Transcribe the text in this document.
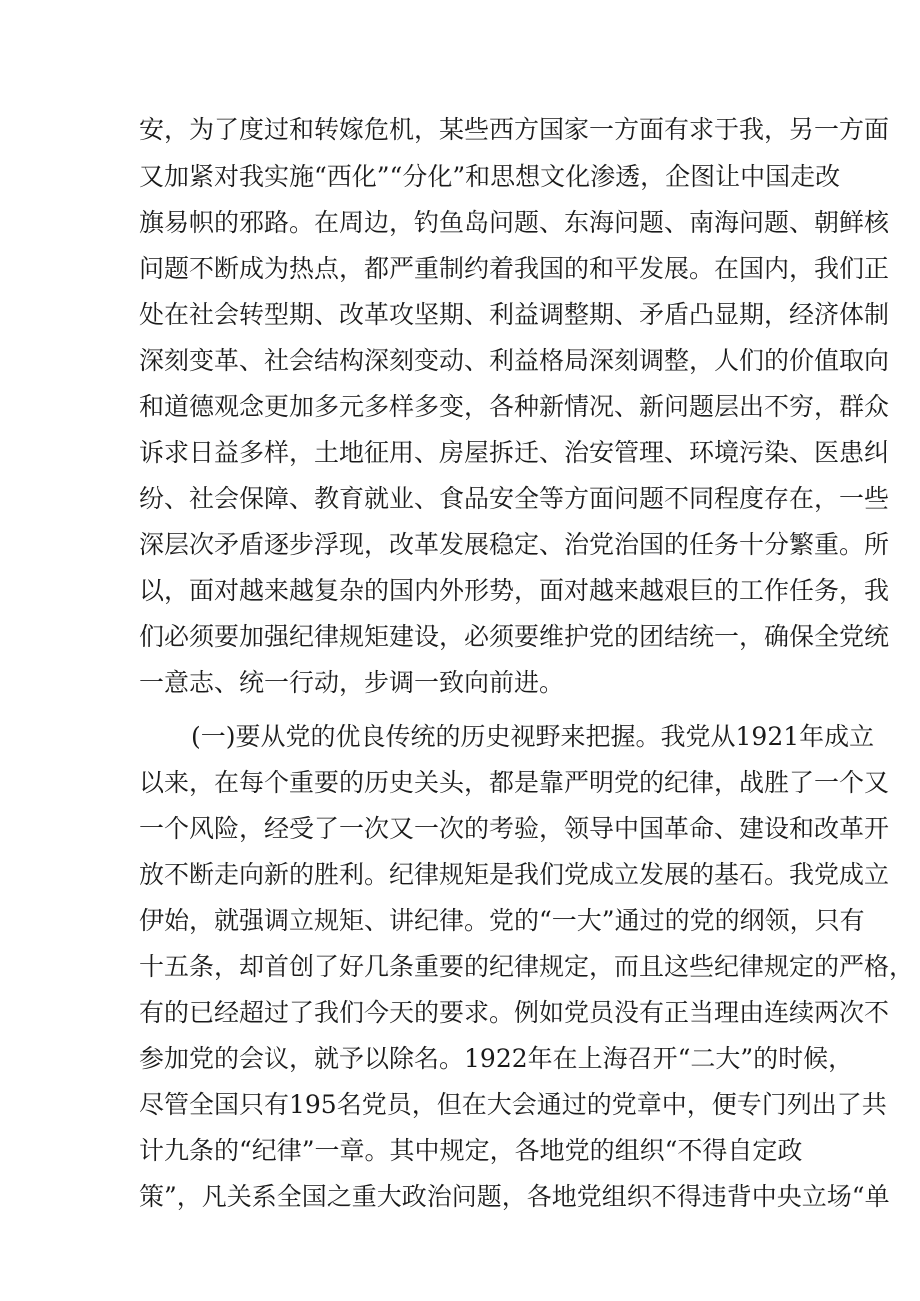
安，为了度过和转嫁危机，某些西方国家一方面有求于我，另一方面
又加紧对我实施“西化”“分化”和思想文化渗透，企图让中国走改
旗易帜的邪路。在周边，钓鱼岛问题、东海问题、南海问题、朝鲜核
问题不断成为热点，都严重制约着我国的和平发展。在国内，我们正
处在社会转型期、改革攻坚期、利益调整期、矛盾凸显期，经济体制
深刻变革、社会结构深刻变动、利益格局深刻调整，人们的价值取向
和道德观念更加多元多样多变，各种新情况、新问题层出不穷，群众
诉求日益多样，土地征用、房屋拆迁、治安管理、环境污染、医患纠
纷、社会保障、教育就业、食品安全等方面问题不同程度存在，一些
深层次矛盾逐步浮现，改革发展稳定、治党治国的任务十分繁重。所
以，面对越来越复杂的国内外形势，面对越来越艰巨的工作任务，我
们必须要加强纪律规矩建设，必须要维护党的团结统一，确保全党统
一意志、统一行动，步调一致向前进。
(一)要从党的优良传统的历史视野来把握。我党从1921年成立
以来，在每个重要的历史关头，都是靠严明党的纪律，战胜了一个又
一个风险，经受了一次又一次的考验，领导中国革命、建设和改革开
放不断走向新的胜利。纪律规矩是我们党成立发展的基石。我党成立
伊始，就强调立规矩、讲纪律。党的“一大”通过的党的纲领，只有
十五条，却首创了好几条重要的纪律规定，而且这些纪律规定的严格，
有的已经超过了我们今天的要求。例如党员没有正当理由连续两次不
参加党的会议，就予以除名。1922年在上海召开“二大”的时候，
尽管全国只有195名党员，但在大会通过的党章中，便专门列出了共
计九条的“纪律”一章。其中规定，各地党的组织“不得自定政
策”，凡关系全国之重大政治问题，各地党组织不得违背中央立场“单
